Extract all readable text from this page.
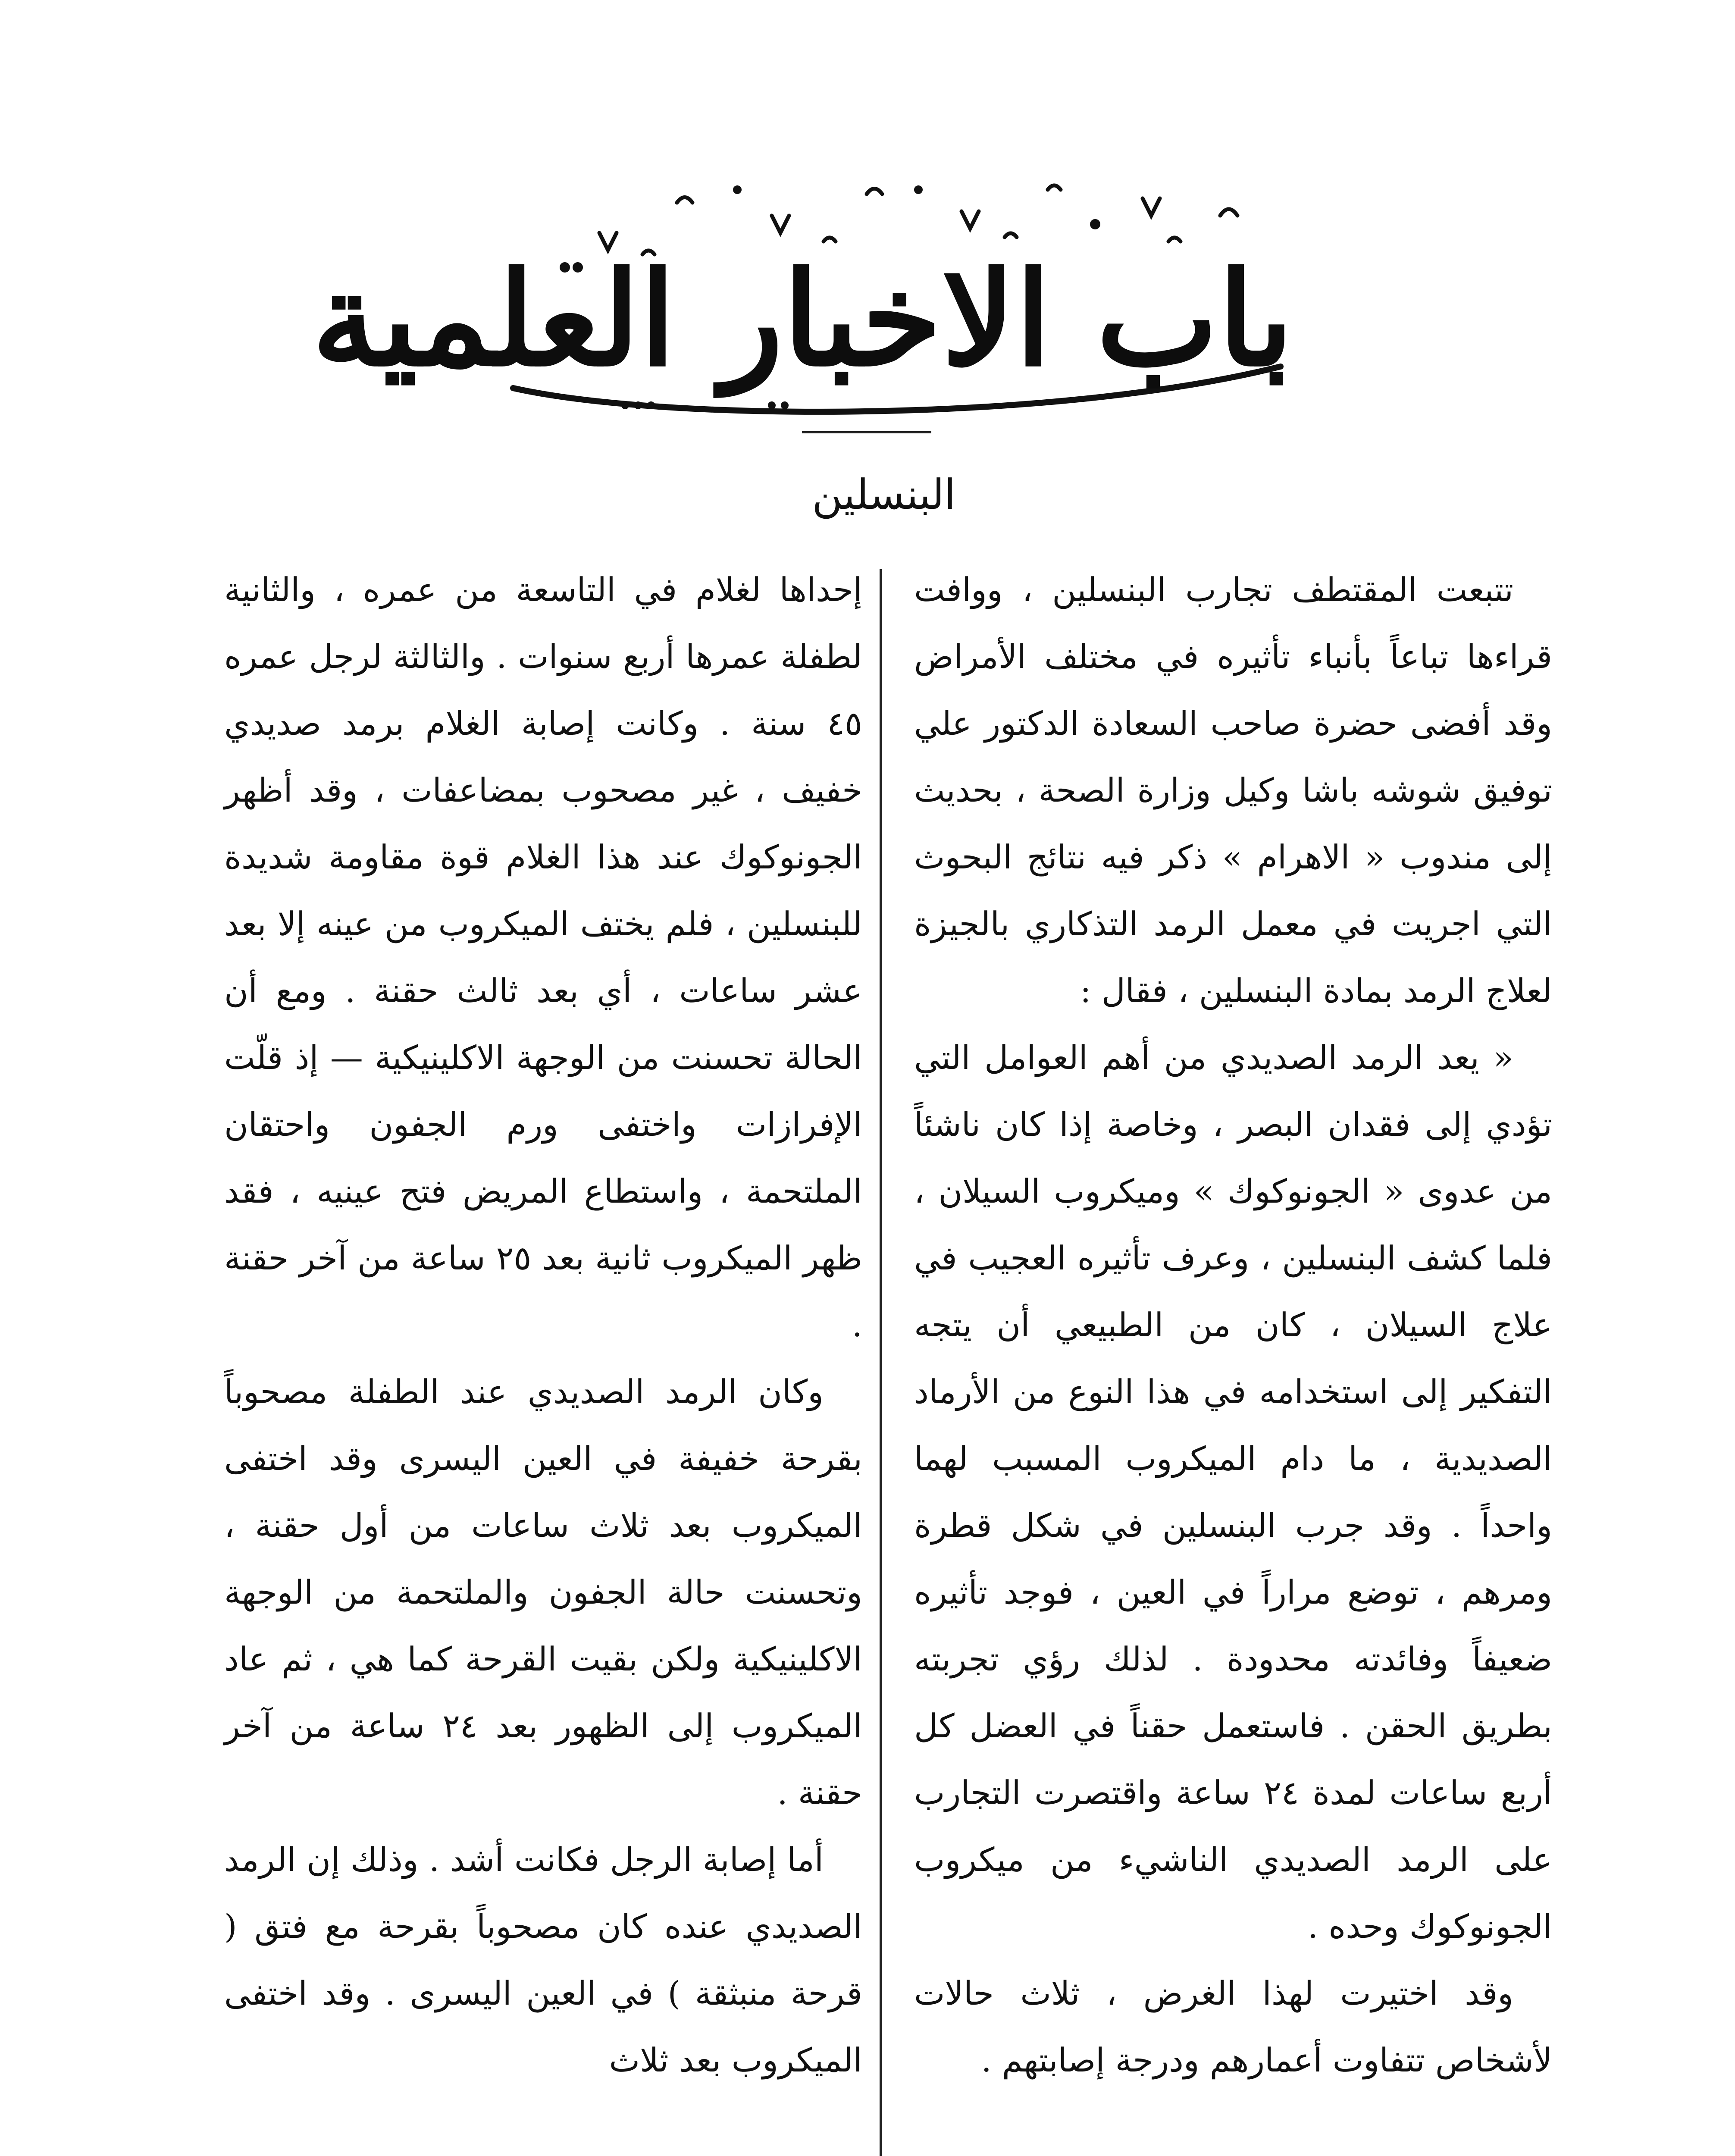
باب الاخبار العلمية
البنسلين

تتبعت المقتطف تجارب البنسلين ، ووافت قراءها تباعاً بأنباء تأثيره في مختلف الأمراض وقد أفضى حضرة صاحب السعادة الدكتور علي توفيق شوشه باشا وكيل وزارة الصحة ، بحديث إلى مندوب « الاهرام » ذكر فيه نتائج البحوث التي اجريت في معمل الرمد التذكاري بالجيزة لعلاج الرمد بمادة البنسلين ، فقال :

« يعد الرمد الصديدي من أهم العوامل التي تؤدي إلى فقدان البصر ، وخاصة إذا كان ناشئاً من عدوى « الجونوكوك » وميكروب السيلان ، فلما كشف البنسلين ، وعرف تأثيره العجيب في علاج السيلان ، كان من الطبيعي أن يتجه التفكير إلى استخدامه في هذا النوع من الأرماد الصديدية ، ما دام الميكروب المسبب لهما واحداً . وقد جرب البنسلين في شكل قطرة ومرهم ، توضع مراراً في العين ، فوجد تأثيره ضعيفاً وفائدته محدودة . لذلك رؤي تجربته بطريق الحقن . فاستعمل حقناً في العضل كل أربع ساعات لمدة ٢٤ ساعة واقتصرت التجارب على الرمد الصديدي الناشيء من ميكروب الجونوكوك وحده .

وقد اختيرت لهذا الغرض ، ثلاث حالات لأشخاص تتفاوت أعمارهم ودرجة إصابتهم .

إحداها لغلام في التاسعة من عمره ، والثانية لطفلة عمرها أربع سنوات . والثالثة لرجل عمره ٤٥ سنة . وكانت إصابة الغلام برمد صديدي خفيف ، غير مصحوب بمضاعفات ، وقد أظهر الجونوكوك عند هذا الغلام قوة مقاومة شديدة للبنسلين ، فلم يختف الميكروب من عينه إلا بعد عشر ساعات ، أي بعد ثالث حقنة . ومع أن الحالة تحسنت من الوجهة الاكلينيكية — إذ قلّت الإفرازات واختفى ورم الجفون واحتقان الملتحمة ، واستطاع المريض فتح عينيه ، فقد ظهر الميكروب ثانية بعد ٢٥ ساعة من آخر حقنة .

وكان الرمد الصديدي عند الطفلة مصحوباً بقرحة خفيفة في العين اليسرى وقد اختفى الميكروب بعد ثلاث ساعات من أول حقنة ، وتحسنت حالة الجفون والملتحمة من الوجهة الاكلينيكية ولكن بقيت القرحة كما هي ، ثم عاد الميكروب إلى الظهور بعد ٢٤ ساعة من آخر حقنة .

أما إصابة الرجل فكانت أشد . وذلك إن الرمد الصديدي عنده كان مصحوباً بقرحة مع فتق ( قرحة منبثقة ) في العين اليسرى . وقد اختفى الميكروب بعد ثلاث
